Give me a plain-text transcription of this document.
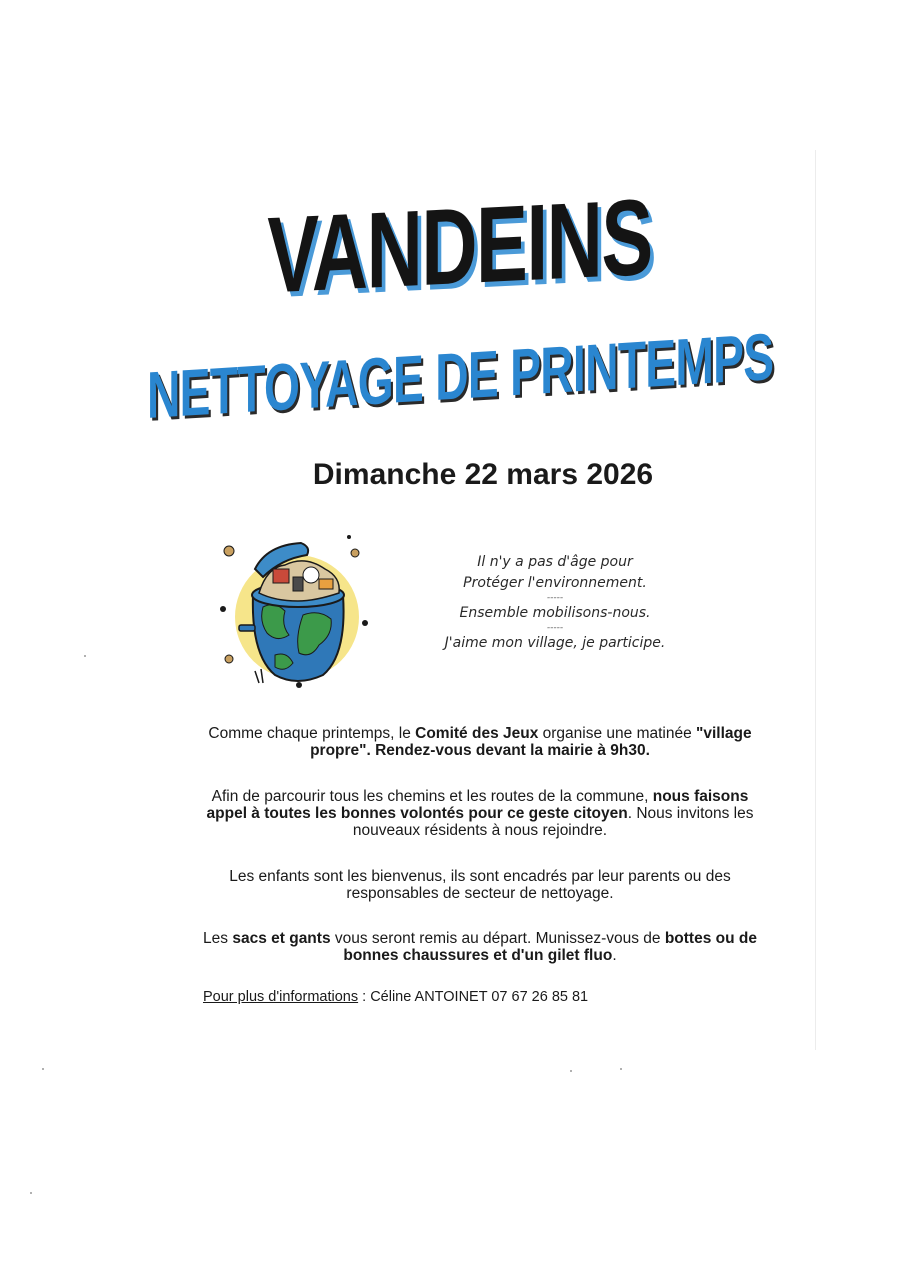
VANDEINS
NETTOYAGE DE PRINTEMPS
Dimanche 22 mars 2026
Il n'y a pas d'âge pour
Protéger l'environnement.
-----
Ensemble mobilisons-nous.
-----
J'aime mon village, je participe.
Comme chaque printemps, le Comité des Jeux organise une matinée "village propre". Rendez-vous devant la mairie à 9h30.
Afin de parcourir tous les chemins et les routes de la commune, nous faisons appel à toutes les bonnes volontés pour ce geste citoyen. Nous invitons les nouveaux résidents à nous rejoindre.
Les enfants sont les bienvenus, ils sont encadrés par leur parents ou des responsables de secteur de nettoyage.
Les sacs et gants vous seront remis au départ. Munissez-vous de bottes ou de bonnes chaussures et d'un gilet fluo.
Pour plus d'informations : Céline ANTOINET 07 67 26 85 81
